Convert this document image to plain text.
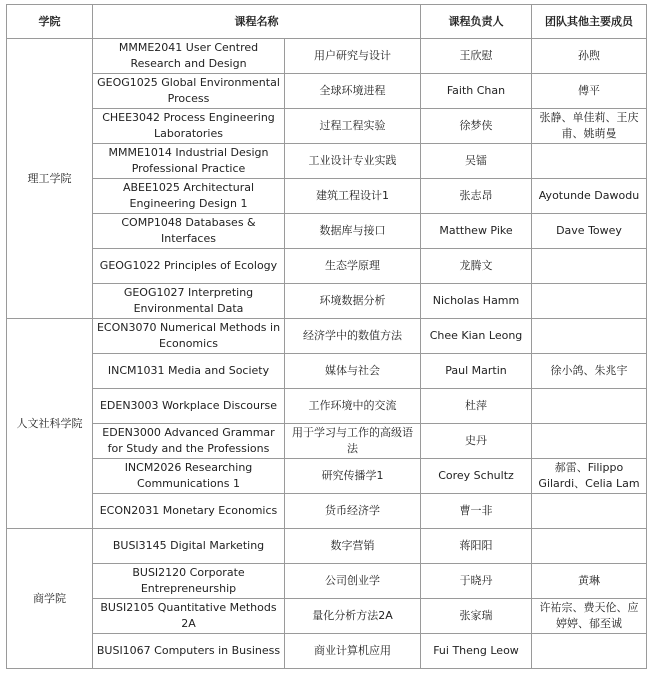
学院	课程名称		课程负责人	团队其他主要成员
理工学院	MMME2041 User Centred Research and Design	用户研究与设计	王欣慰	孙煦
	GEOG1025 Global Environmental Process	全球环境进程	Faith Chan	傅平
	CHEE3042 Process Engineering Laboratories	过程工程实验	徐梦侠	张静、单佳莉、王庆甫、姚萌曼
	MMME1014 Industrial Design Professional Practice	工业设计专业实践	吴镭	
	ABEE1025 Architectural Engineering Design 1	建筑工程设计1	张志昂	Ayotunde Dawodu
	COMP1048 Databases & Interfaces	数据库与接口	Matthew Pike	Dave Towey
	GEOG1022 Principles of Ecology	生态学原理	龙腾文	
	GEOG1027 Interpreting Environmental Data	环境数据分析	Nicholas Hamm	
人文社科学院	ECON3070 Numerical Methods in Economics	经济学中的数值方法	Chee Kian Leong	
	INCM1031 Media and Society	媒体与社会	Paul Martin	徐小鸽、朱兆宇
	EDEN3003 Workplace Discourse	工作环境中的交流	杜萍	
	EDEN3000 Advanced Grammar for Study and the Professions	用于学习与工作的高级语法	史丹	
	INCM2026 Researching Communications 1	研究传播学1	Corey Schultz	郝雷、Filippo Gilardi、Celia Lam
	ECON2031 Monetary Economics	货币经济学	曹一非	
商学院	BUSI3145 Digital Marketing	数字营销	蒋阳阳	
	BUSI2120 Corporate Entrepreneurship	公司创业学	于晓丹	黄琳
	BUSI2105 Quantitative Methods 2A	量化分析方法2A	张家瑞	许祐宗、费天伦、应婷婷、郁至诚
	BUSI1067 Computers in Business	商业计算机应用	Fui Theng Leow	
